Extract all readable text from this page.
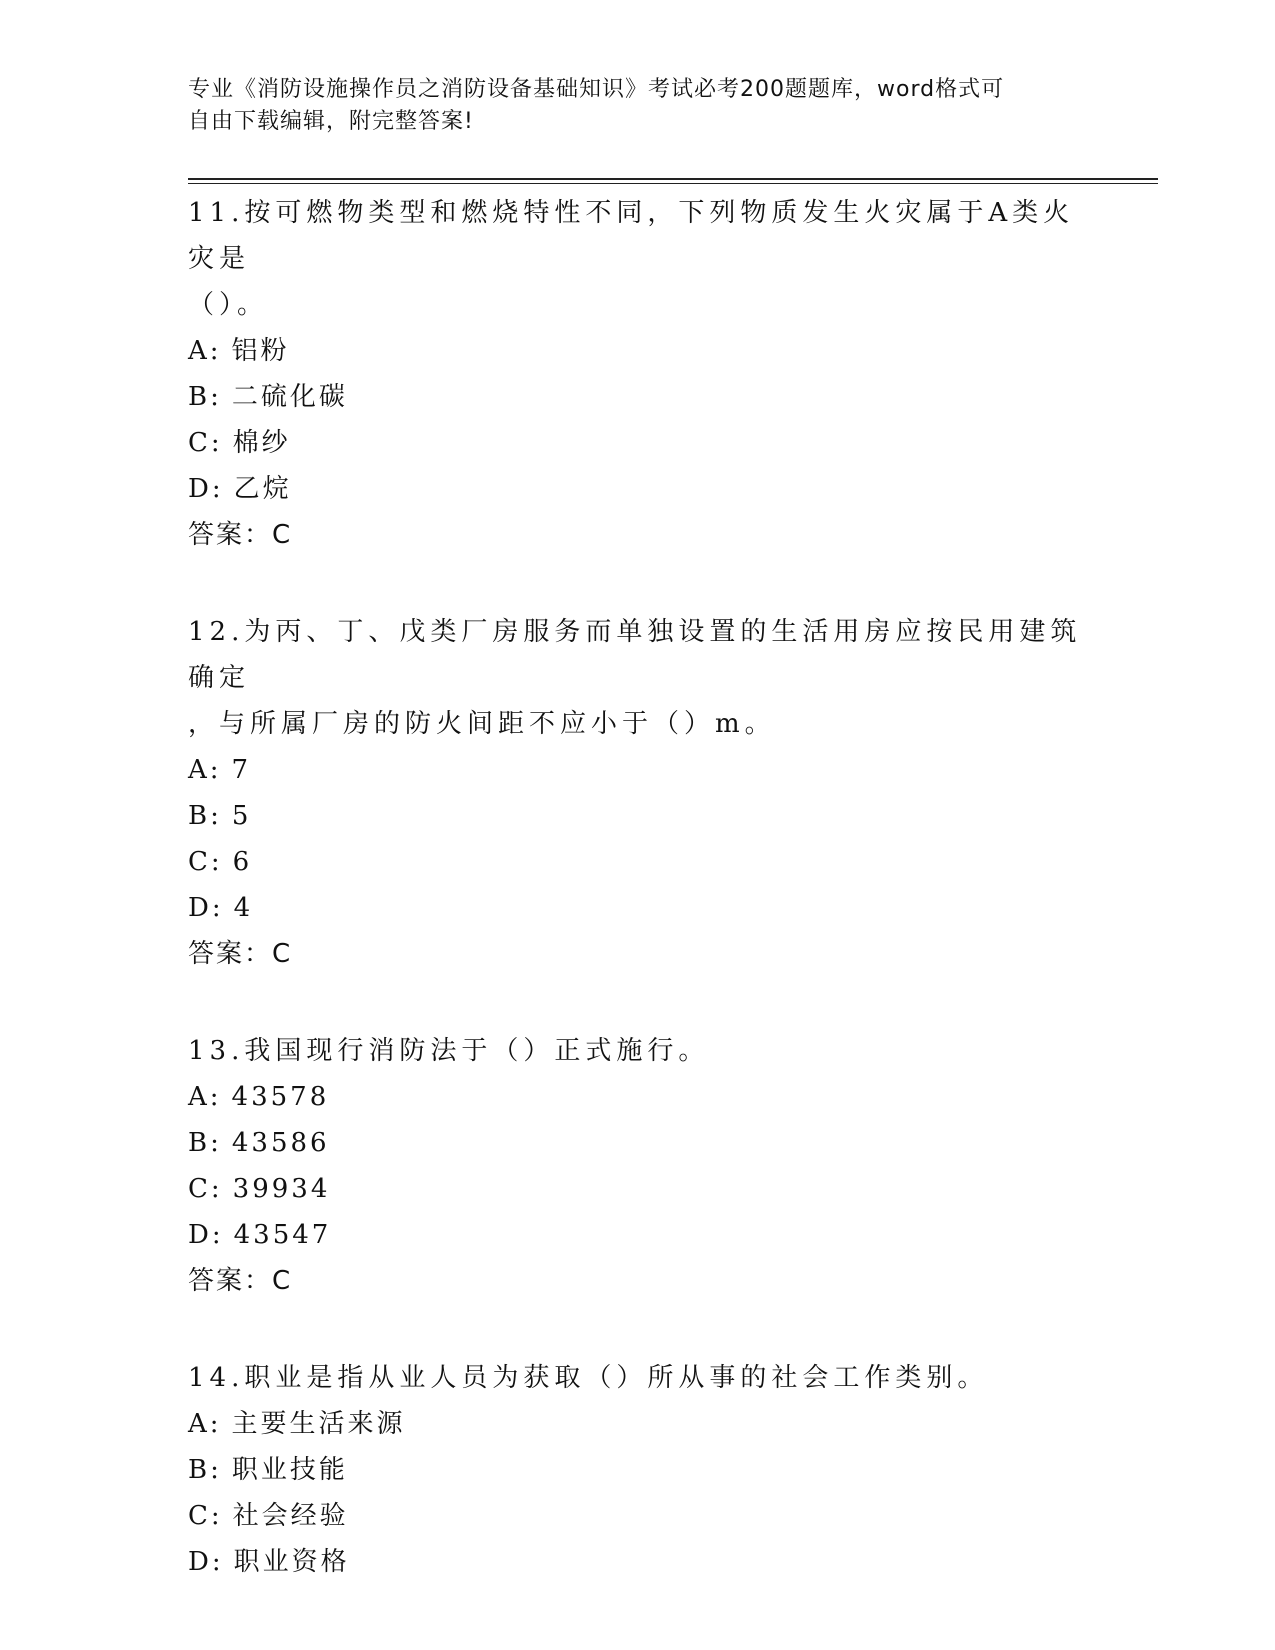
专业《消防设施操作员之消防设备基础知识》考试必考200题题库，word格式可
自由下载编辑，附完整答案!
11.按可燃物类型和燃烧特性不同，下列物质发生火灾属于A类火灾是
（）。
A: 铝粉
B: 二硫化碳
C: 棉纱
D: 乙烷
答案：C
12.为丙、丁、戊类厂房服务而单独设置的生活用房应按民用建筑确定
，与所属厂房的防火间距不应小于（）m。
A: 7
B: 5
C: 6
D: 4
答案：C
13.我国现行消防法于（）正式施行。
A: 43578
B: 43586
C: 39934
D: 43547
答案：C
14.职业是指从业人员为获取（）所从事的社会工作类别。
A: 主要生活来源
B: 职业技能
C: 社会经验
D: 职业资格
